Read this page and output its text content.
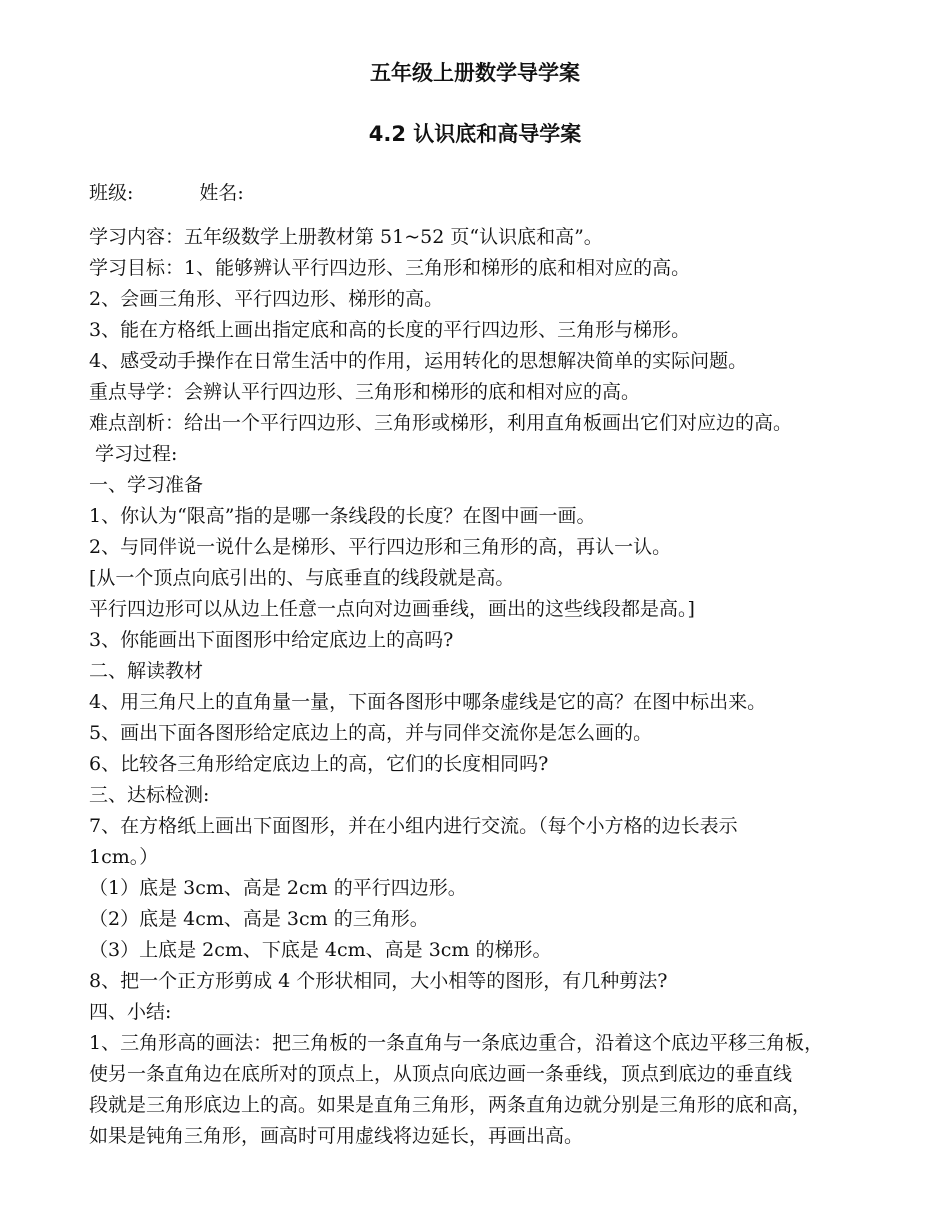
五年级上册数学导学案
4.2 认识底和高导学案
班级:	姓名:
学习内容：五年级数学上册教材第 51~52 页“认识底和高”。
学习目标：1、能够辨认平行四边形、三角形和梯形的底和相对应的高。
2、会画三角形、平行四边形、梯形的高。
3、能在方格纸上画出指定底和高的长度的平行四边形、三角形与梯形。
4、感受动手操作在日常生活中的作用，运用转化的思想解决简单的实际问题。
重点导学：会辨认平行四边形、三角形和梯形的底和相对应的高。
难点剖析：给出一个平行四边形、三角形或梯形，利用直角板画出它们对应边的高。
学习过程:
一、学习准备
1、你认为“限高”指的是哪一条线段的长度？在图中画一画。
2、与同伴说一说什么是梯形、平行四边形和三角形的高，再认一认。
[从一个顶点向底引出的、与底垂直的线段就是高。
平行四边形可以从边上任意一点向对边画垂线，画出的这些线段都是高。]
3、你能画出下面图形中给定底边上的高吗?
二、解读教材
4、用三角尺上的直角量一量，下面各图形中哪条虚线是它的高？在图中标出来。
5、画出下面各图形给定底边上的高，并与同伴交流你是怎么画的。
6、比较各三角形给定底边上的高，它们的长度相同吗?
三、达标检测:
7、在方格纸上画出下面图形，并在小组内进行交流。（每个小方格的边长表示
1cm。）
（1）底是 3cm、高是 2cm 的平行四边形。
（2）底是 4cm、高是 3cm 的三角形。
（3）上底是 2cm、下底是 4cm、高是 3cm 的梯形。
8、把一个正方形剪成 4 个形状相同，大小相等的图形，有几种剪法?
四、小结:
1、三角形高的画法：把三角板的一条直角与一条底边重合，沿着这个底边平移三角板，
使另一条直角边在底所对的顶点上，从顶点向底边画一条垂线，顶点到底边的垂直线
段就是三角形底边上的高。如果是直角三角形，两条直角边就分别是三角形的底和高，
如果是钝角三角形，画高时可用虚线将边延长，再画出高。
